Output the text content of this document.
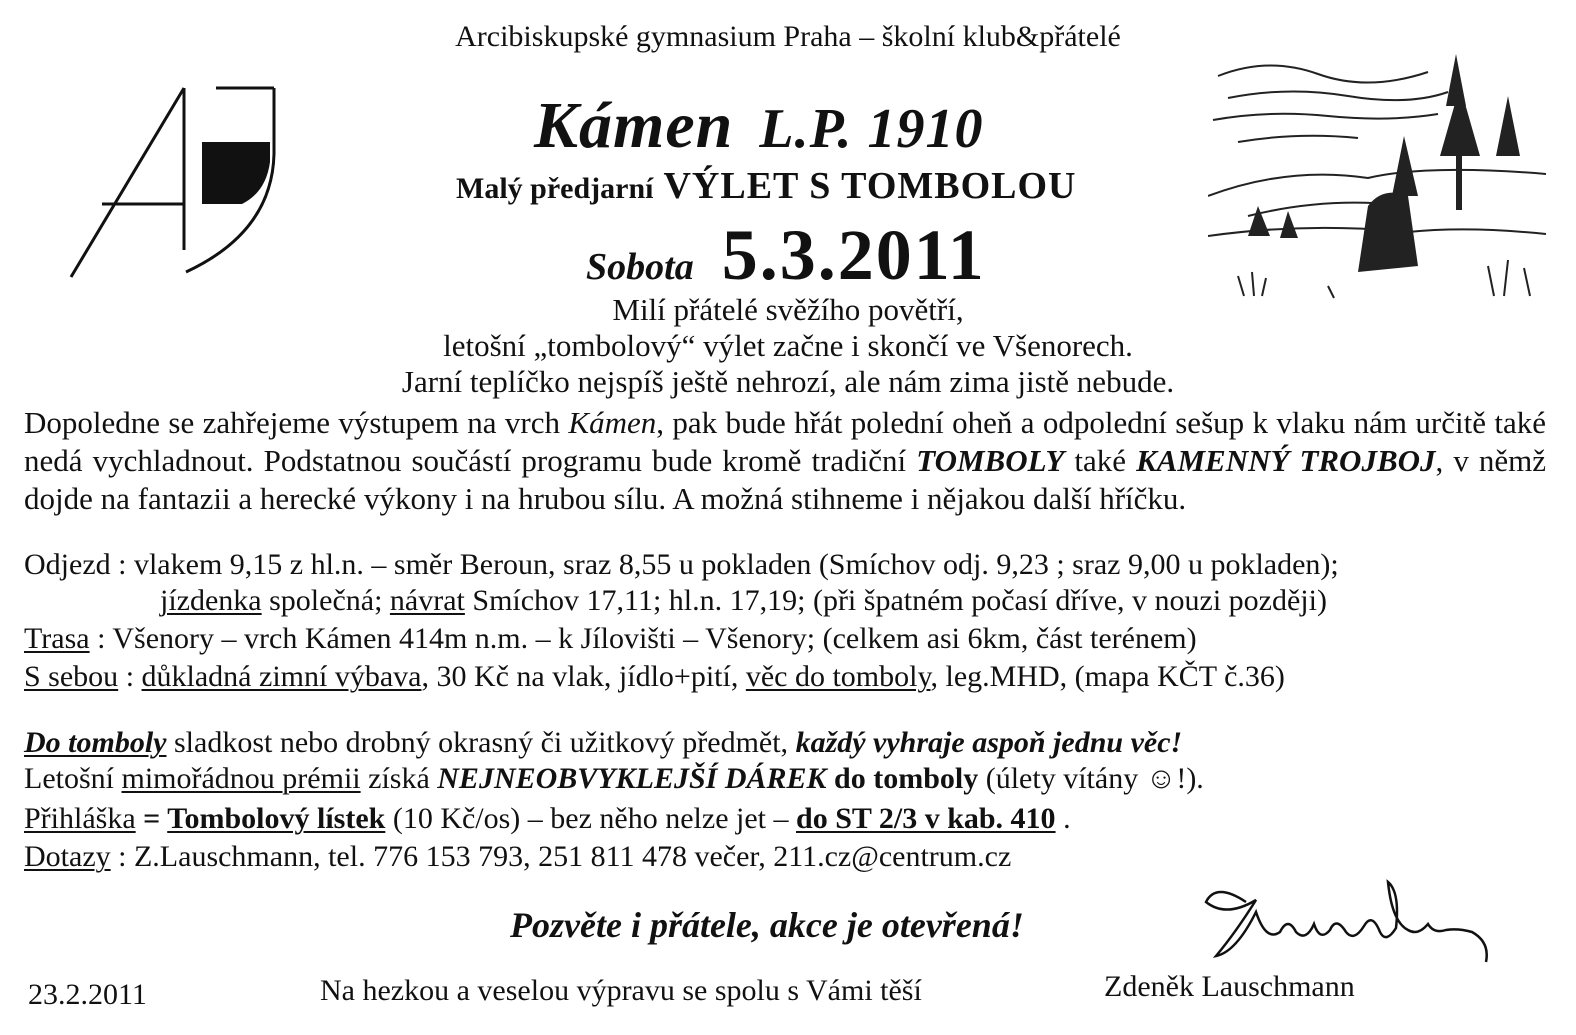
Arcibiskupské gymnasium Praha – školní klub&přátelé
Kámen L.P. 1910
Malý předjarní VÝLET S TOMBOLOU
Sobota 5.3.2011
Milí přátelé svěžího povětří,
letošní „tombolový“ výlet začne i skončí ve Všenorech.
Jarní teplíčko nejspíš ještě nehrozí, ale nám zima jistě nebude.
Dopoledne se zahřejeme výstupem na vrch Kámen, pak bude hřát polední oheň a odpolední sešup k vlaku nám určitě také nedá vychladnout. Podstatnou součástí programu bude kromě tradiční TOMBOLY také KAMENNÝ TROJBOJ, v němž dojde na fantazii a herecké výkony i na hrubou sílu. A možná stihneme i nějakou další hříčku.
Odjezd : vlakem 9,15 z hl.n. – směr Beroun, sraz 8,55 u pokladen (Smíchov odj. 9,23 ; sraz 9,00 u pokladen);
jízdenka společná; návrat Smíchov 17,11; hl.n. 17,19; (při špatném počasí dříve, v nouzi později)
Trasa : Všenory – vrch Kámen 414m n.m. – k Jílovišti – Všenory; (celkem asi 6km, část terénem)
S sebou : důkladná zimní výbava, 30 Kč na vlak, jídlo+pití, věc do tomboly, leg.MHD, (mapa KČT č.36)
Do tomboly sladkost nebo drobný okrasný či užitkový předmět, každý vyhraje aspoň jednu věc!
Letošní mimořádnou prémii získá NEJNEOBVYKLEJŠÍ DÁREK do tomboly (úlety vítány ☺!).
Přihláška = Tombolový lístek (10 Kč/os) – bez něho nelze jet – do ST 2/3 v kab. 410 .
Dotazy : Z.Lauschmann, tel. 776 153 793, 251 811 478 večer, 211.cz@centrum.cz
Pozvěte i přátele, akce je otevřená!
23.2.2011	Na hezkou a veselou výpravu se spolu s Vámi těší	Zdeněk Lauschmann
